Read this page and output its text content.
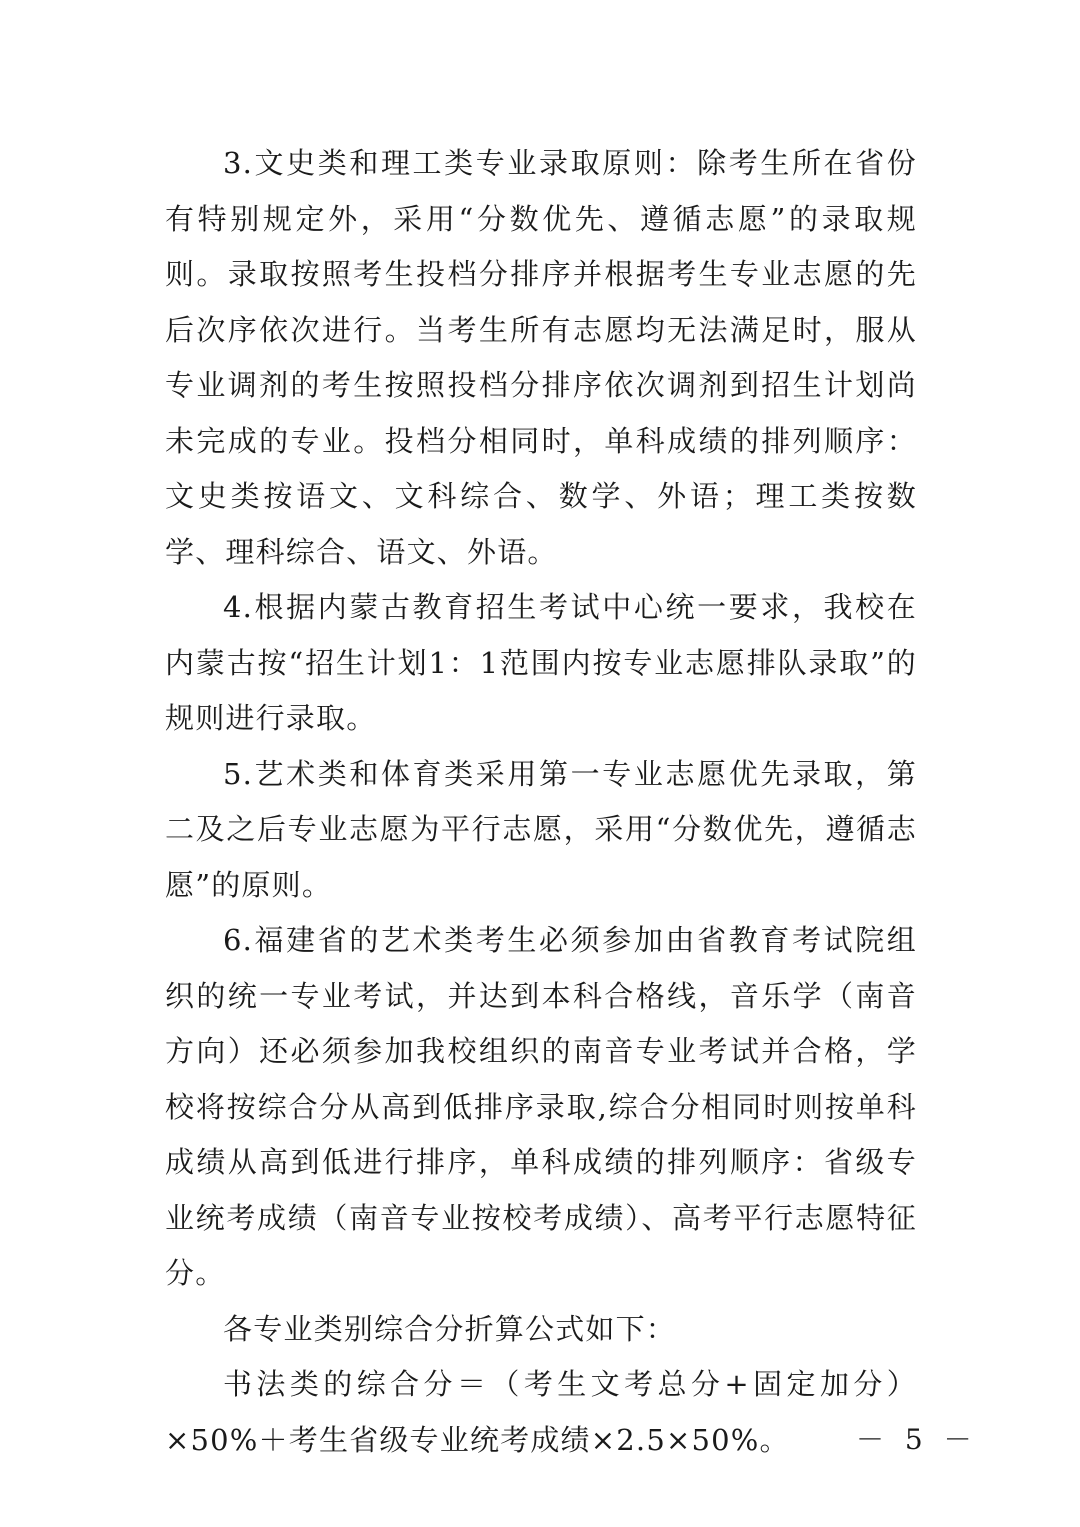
3.文史类和理工类专业录取原则：除考生所在省份有特别规定外，采用“分数优先、遵循志愿”的录取规则。录取按照考生投档分排序并根据考生专业志愿的先后次序依次进行。当考生所有志愿均无法满足时，服从专业调剂的考生按照投档分排序依次调剂到招生计划尚未完成的专业。投档分相同时，单科成绩的排列顺序：文史类按语文、文科综合、数学、外语；理工类按数学、理科综合、语文、外语。

4.根据内蒙古教育招生考试中心统一要求，我校在内蒙古按“招生计划1：1范围内按专业志愿排队录取”的规则进行录取。

5.艺术类和体育类采用第一专业志愿优先录取，第二及之后专业志愿为平行志愿，采用“分数优先，遵循志愿”的原则。

6.福建省的艺术类考生必须参加由省教育考试院组织的统一专业考试，并达到本科合格线，音乐学（南音方向）还必须参加我校组织的南音专业考试并合格，学校将按综合分从高到低排序录取,综合分相同时则按单科成绩从高到低进行排序，单科成绩的排列顺序：省级专业统考成绩（南音专业按校考成绩）、高考平行志愿特征分。

各专业类别综合分折算公式如下：

书法类的综合分＝（考生文考总分+固定加分）×50%＋考生省级专业统考成绩×2.5×50%。	－ 5 －
